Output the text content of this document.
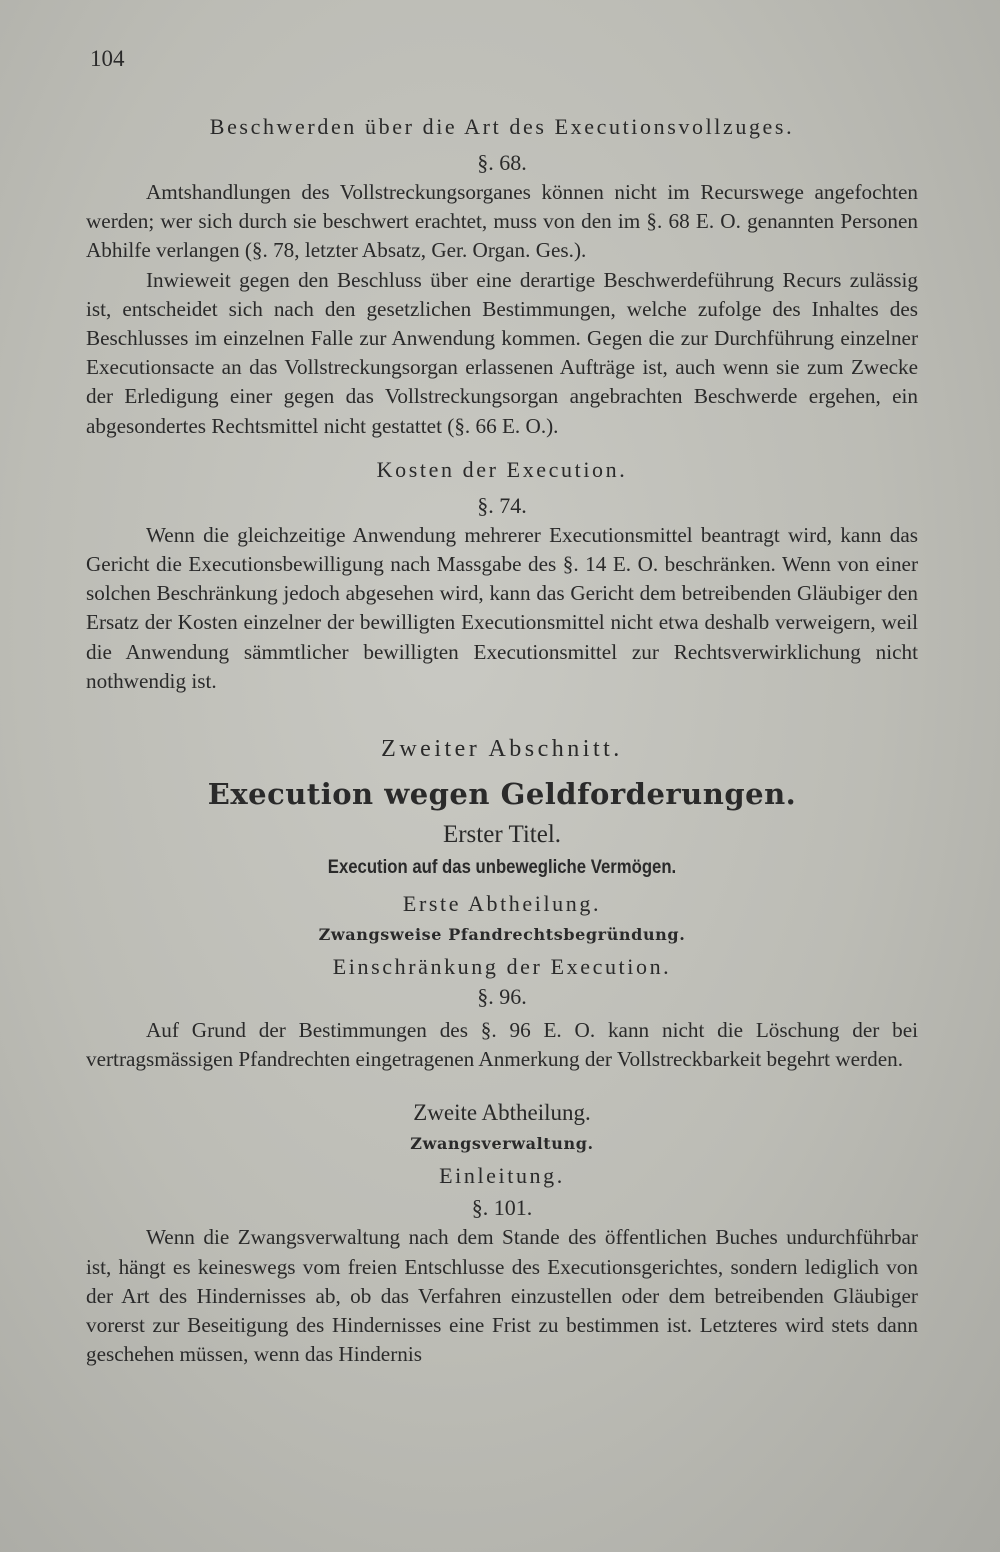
104

Beschwerden über die Art des Executionsvollzuges.

§. 68.

Amtshandlungen des Vollstreckungsorganes können nicht im Recurswege angefochten werden; wer sich durch sie beschwert erachtet, muss von den im §. 68 E. O. genannten Personen Abhilfe verlangen (§. 78, letzter Absatz, Ger. Organ. Ges.).

Inwieweit gegen den Beschluss über eine derartige Beschwerdeführung Recurs zulässig ist, entscheidet sich nach den gesetzlichen Bestimmungen, welche zufolge des Inhaltes des Beschlusses im einzelnen Falle zur Anwendung kommen. Gegen die zur Durchführung einzelner Executionsacte an das Vollstreckungsorgan erlassenen Aufträge ist, auch wenn sie zum Zwecke der Erledigung einer gegen das Vollstreckungsorgan angebrachten Beschwerde ergehen, ein abgesondertes Rechtsmittel nicht gestattet (§. 66 E. O.).

Kosten der Execution.

§. 74.

Wenn die gleichzeitige Anwendung mehrerer Executionsmittel beantragt wird, kann das Gericht die Executionsbewilligung nach Massgabe des §. 14 E. O. beschränken. Wenn von einer solchen Beschränkung jedoch abgesehen wird, kann das Gericht dem betreibenden Gläubiger den Ersatz der Kosten einzelner der bewilligten Executionsmittel nicht etwa deshalb verweigern, weil die Anwendung sämmtlicher bewilligten Executionsmittel zur Rechtsverwirklichung nicht nothwendig ist.

Zweiter Abschnitt.

Execution wegen Geldforderungen.

Erster Titel.

Execution auf das unbewegliche Vermögen.

Erste Abtheilung.

Zwangsweise Pfandrechtsbegründung.

Einschränkung der Execution.

§. 96.

Auf Grund der Bestimmungen des §. 96 E. O. kann nicht die Löschung der bei vertragsmässigen Pfandrechten eingetragenen Anmerkung der Vollstreckbarkeit begehrt werden.

Zweite Abtheilung.

Zwangsverwaltung.

Einleitung.

§. 101.

Wenn die Zwangsverwaltung nach dem Stande des öffentlichen Buches undurchführbar ist, hängt es keineswegs vom freien Entschlusse des Executionsgerichtes, sondern lediglich von der Art des Hindernisses ab, ob das Verfahren einzustellen oder dem betreibenden Gläubiger vorerst zur Beseitigung des Hindernisses eine Frist zu bestimmen ist. Letzteres wird stets dann geschehen müssen, wenn das Hindernis
